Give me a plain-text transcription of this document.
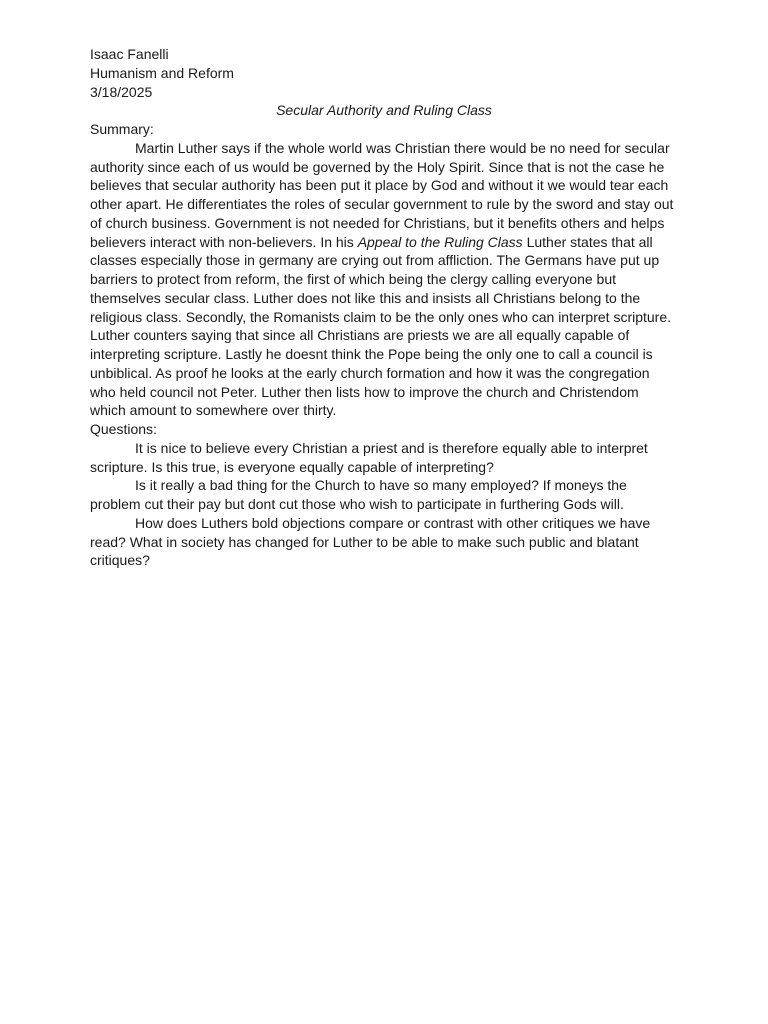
Isaac Fanelli
Humanism and Reform
3/18/2025
Secular Authority and Ruling Class
Summary:

Martin Luther says if the whole world was Christian there would be no need for secular authority since each of us would be governed by the Holy Spirit. Since that is not the case he believes that secular authority has been put it place by God and without it we would tear each other apart. He differentiates the roles of secular government to rule by the sword and stay out of church business. Government is not needed for Christians, but it benefits others and helps believers interact with non-believers. In his Appeal to the Ruling Class Luther states that all classes especially those in germany are crying out from affliction. The Germans have put up barriers to protect from reform, the first of which being the clergy calling everyone but themselves secular class. Luther does not like this and insists all Christians belong to the religious class. Secondly, the Romanists claim to be the only ones who can interpret scripture. Luther counters saying that since all Christians are priests we are all equally capable of interpreting scripture. Lastly he doesnt think the Pope being the only one to call a council is unbiblical. As proof he looks at the early church formation and how it was the congregation who held council not Peter. Luther then lists how to improve the church and Christendom which amount to somewhere over thirty.

Questions:

It is nice to believe every Christian a priest and is therefore equally able to interpret scripture. Is this true, is everyone equally capable of interpreting?

Is it really a bad thing for the Church to have so many employed? If moneys the problem cut their pay but dont cut those who wish to participate in furthering Gods will.

How does Luthers bold objections compare or contrast with other critiques we have read? What in society has changed for Luther to be able to make such public and blatant critiques?
